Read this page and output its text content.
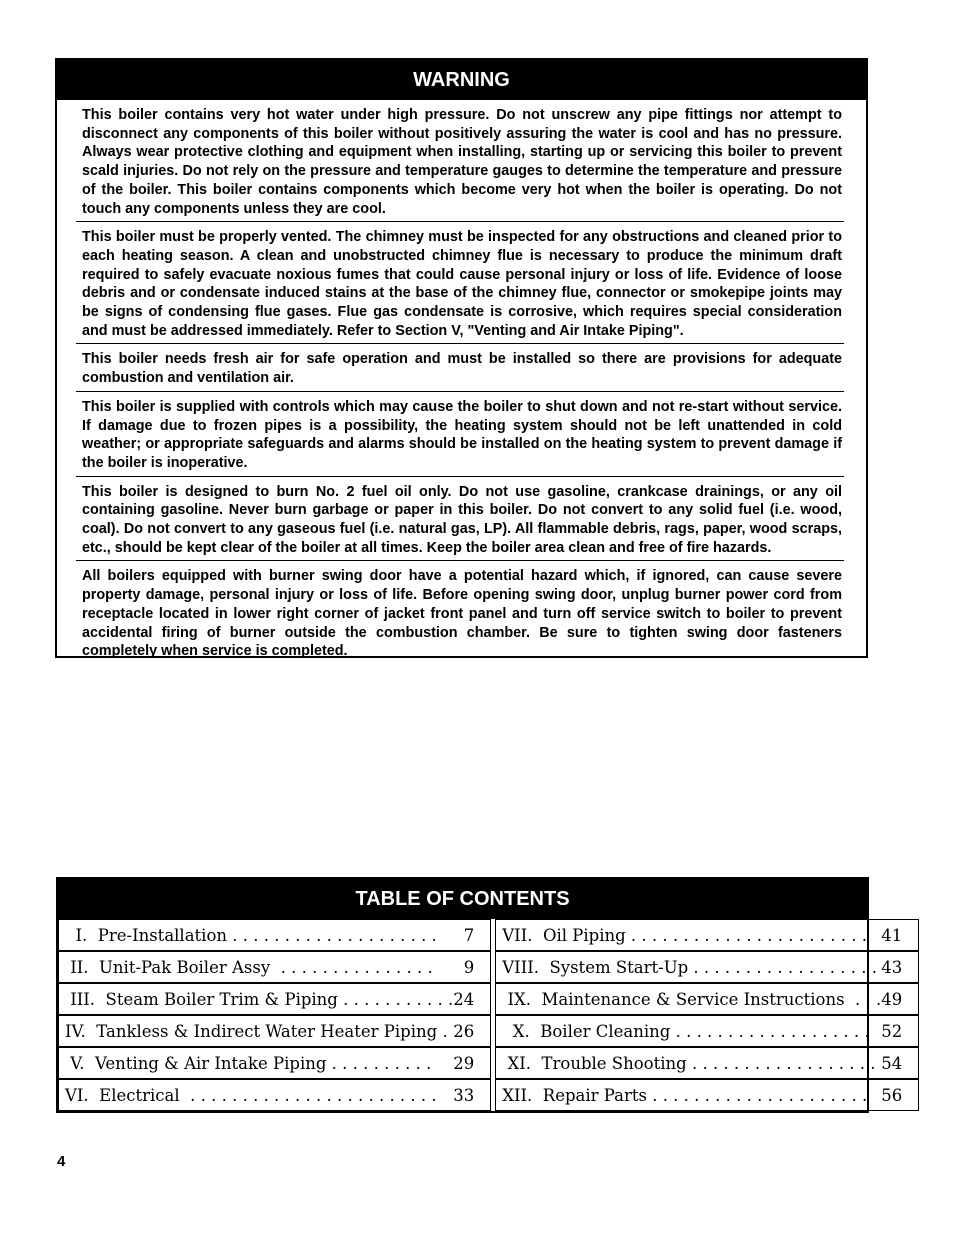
WARNING

This boiler contains very hot water under high pressure. Do not unscrew any pipe fittings nor attempt to disconnect any components of this boiler without positively assuring the water is cool and has no pressure. Always wear protective clothing and equipment when installing, starting up or servicing this boiler to prevent scald injuries. Do not rely on the pressure and temperature gauges to determine the temperature and pressure of the boiler. This boiler contains components which become very hot when the boiler is operating. Do not touch any components unless they are cool.

This boiler must be properly vented. The chimney must be inspected for any obstructions and cleaned prior to each heating season. A clean and unobstructed chimney flue is necessary to produce the minimum draft required to safely evacuate noxious fumes that could cause personal injury or loss of life. Evidence of loose debris and or condensate induced stains at the base of the chimney flue, connector or smokepipe joints may be signs of condensing flue gases. Flue gas condensate is corrosive, which requires special consideration and must be addressed immediately. Refer to Section V, "Venting and Air Intake Piping".

This boiler needs fresh air for safe operation and must be installed so there are provisions for adequate combustion and ventilation air.

This boiler is supplied with controls which may cause the boiler to shut down and not re-start without service. If damage due to frozen pipes is a possibility, the heating system should not be left unattended in cold weather; or appropriate safeguards and alarms should be installed on the heating system to prevent damage if the boiler is inoperative.

This boiler is designed to burn No. 2 fuel oil only. Do not use gasoline, crankcase drainings, or any oil containing gasoline. Never burn garbage or paper in this boiler. Do not convert to any solid fuel (i.e. wood, coal). Do not convert to any gaseous fuel (i.e. natural gas, LP). All flammable debris, rags, paper, wood scraps, etc., should be kept clear of the boiler at all times. Keep the boiler area clean and free of fire hazards.

All boilers equipped with burner swing door have a potential hazard which, if ignored, can cause severe property damage, personal injury or loss of life. Before opening swing door, unplug burner power cord from receptacle located in lower right corner of jacket front panel and turn off service switch to boiler to prevent accidental firing of burner outside the combustion chamber. Be sure to tighten swing door fasteners completely when service is completed.

TABLE OF CONTENTS
I.  Pre-Installation . . . . . . . . . . . . . . . . . . . . 7 VII.  Oil Piping . . . . . . . . . . . . . . . . . . . . . . . 41
II.  Unit-Pak Boiler Assy  . . . . . . . . . . . . . . . 9 VIII.  System Start-Up . . . . . . . . . . . . . . . . . . 43
III.  Steam Boiler Trim & Piping . . . . . . . . . . . 24 IX.  Maintenance & Service Instructions  . . . 49
IV.  Tankless & Indirect Water Heater Piping . 26 X.  Boiler Cleaning . . . . . . . . . . . . . . . . . . . 52
V.  Venting & Air Intake Piping . . . . . . . . . . 29 XI.  Trouble Shooting . . . . . . . . . . . . . . . . . . 54
VI.  Electrical  . . . . . . . . . . . . . . . . . . . . . . . . 33 XII.  Repair Parts . . . . . . . . . . . . . . . . . . . . . 56
4
